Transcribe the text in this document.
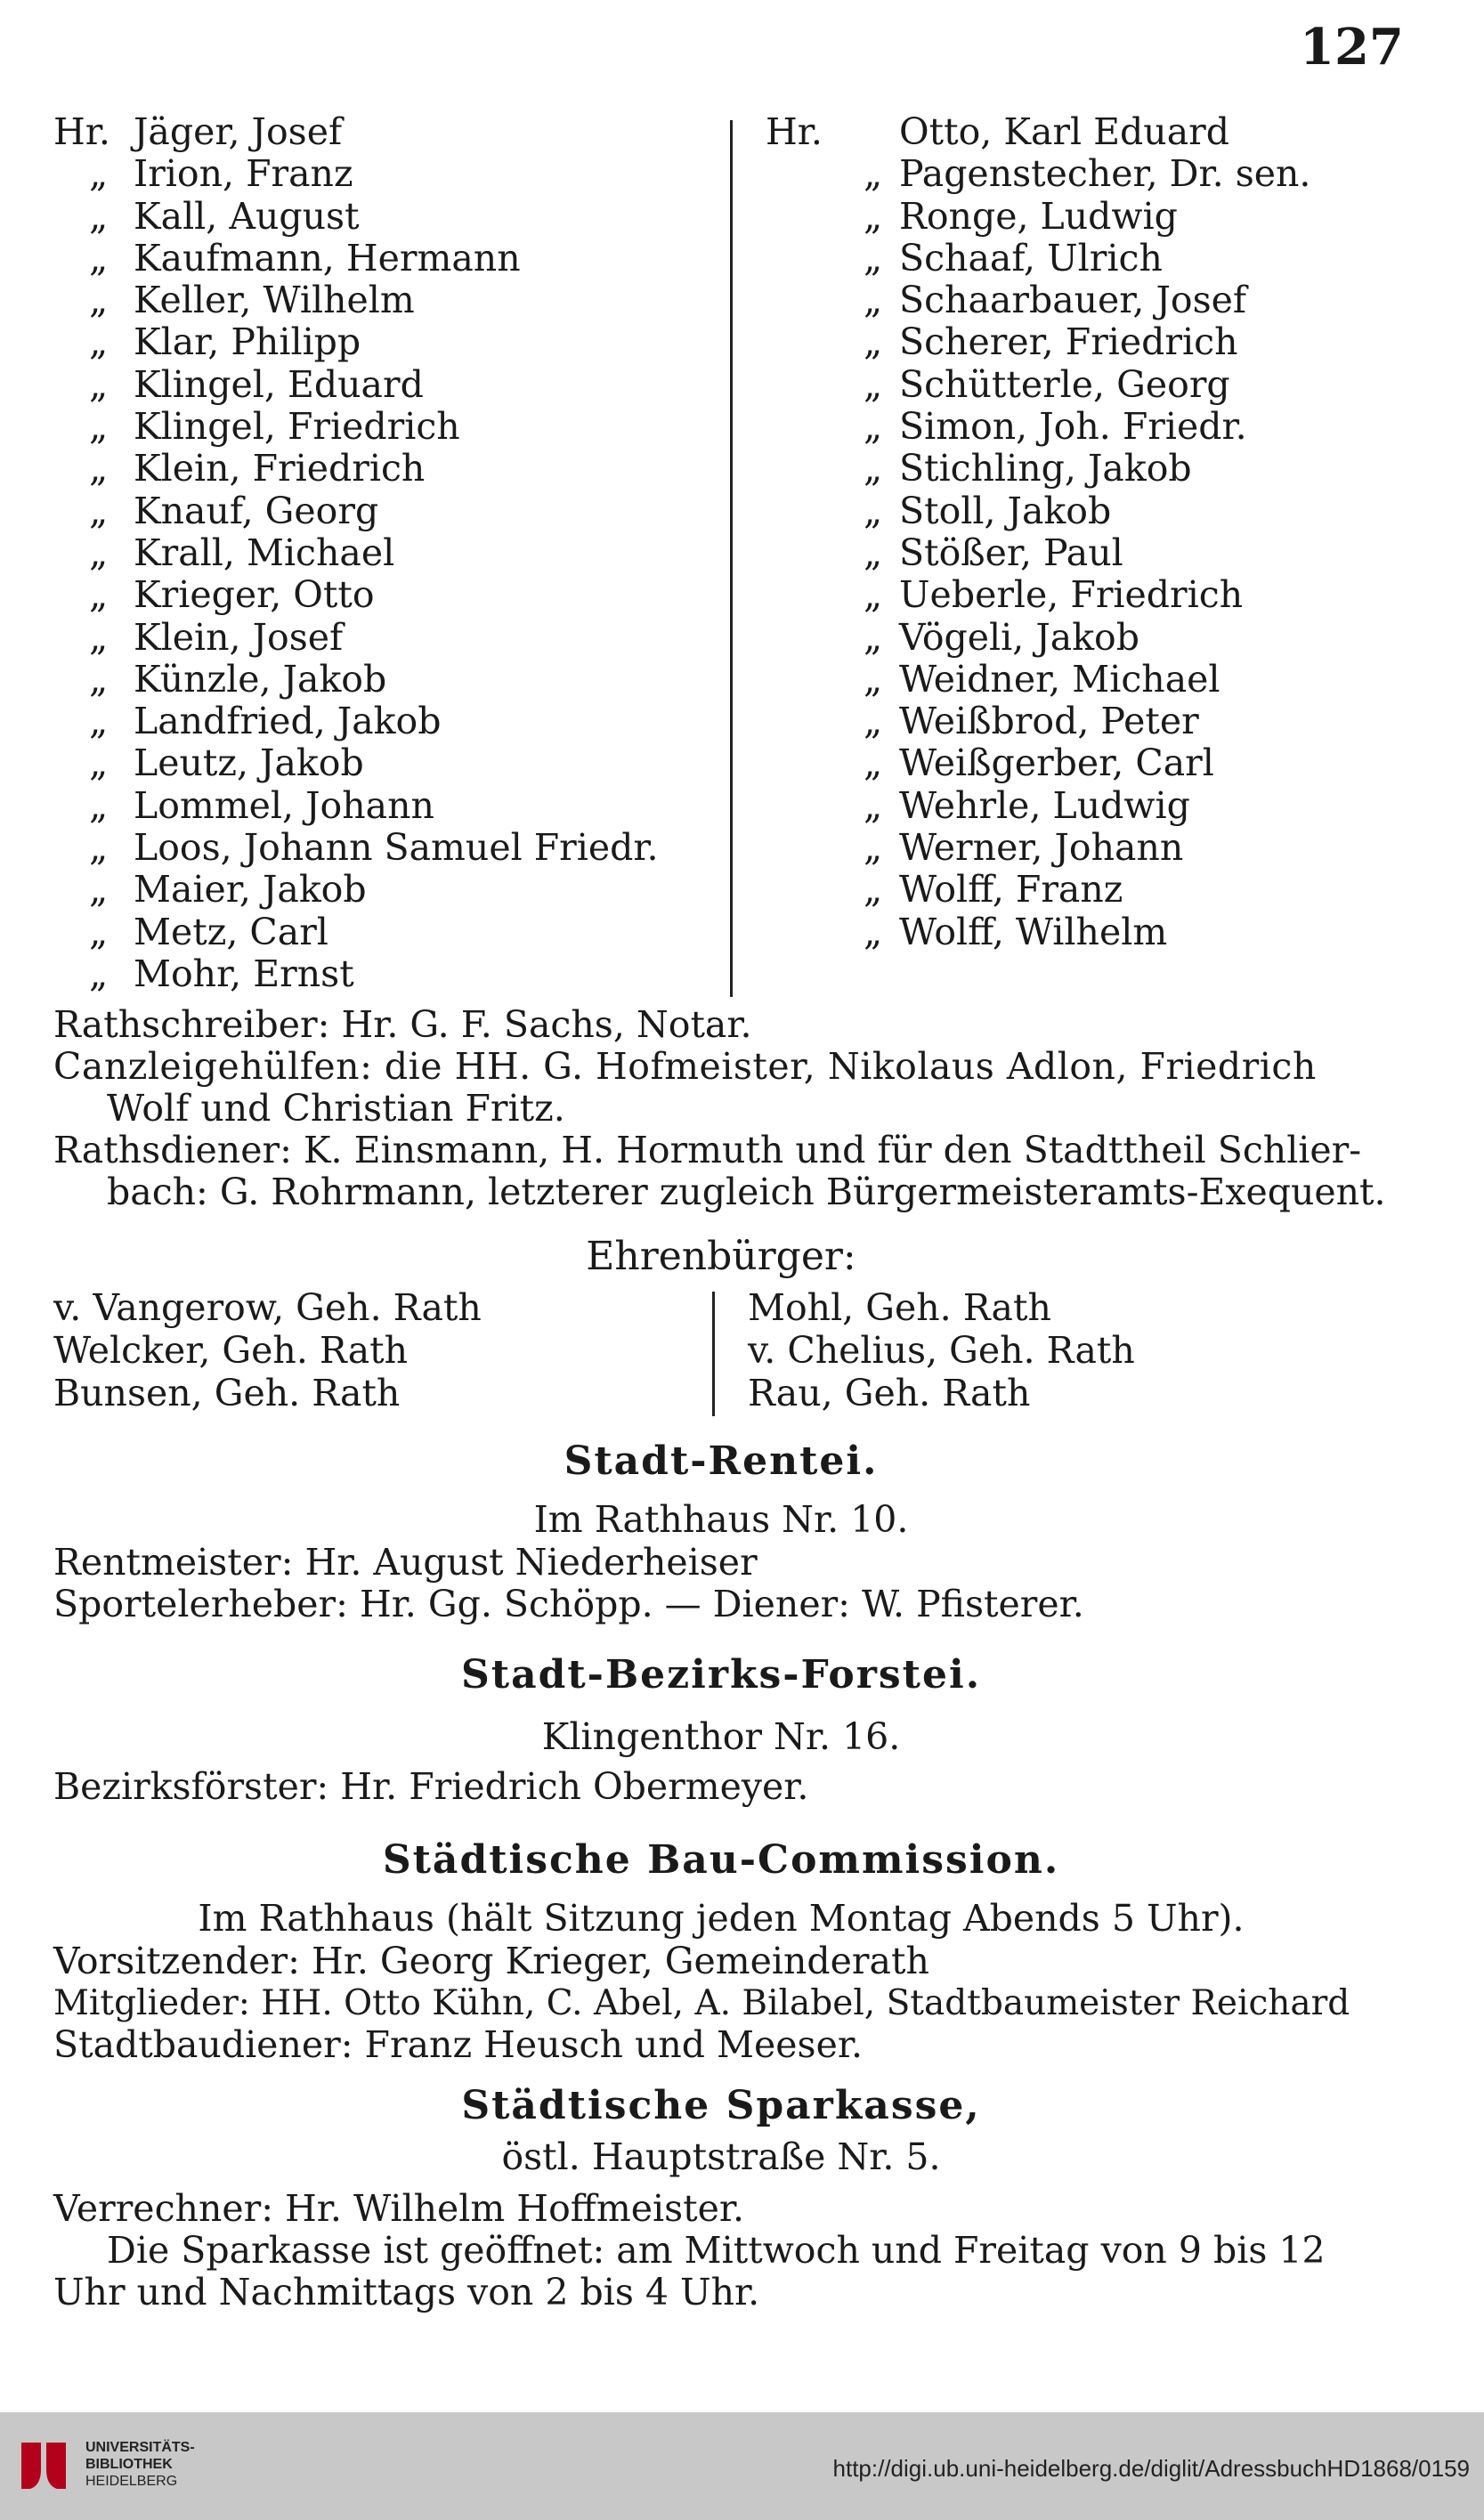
127
Hr. Jäger, Josef
„ Irion, Franz
„ Kall, August
„ Kaufmann, Hermann
„ Keller, Wilhelm
„ Klar, Philipp
„ Klingel, Eduard
„ Klingel, Friedrich
„ Klein, Friedrich
„ Knauf, Georg
„ Krall, Michael
„ Krieger, Otto
„ Klein, Josef
„ Künzle, Jakob
„ Landfried, Jakob
„ Leutz, Jakob
„ Lommel, Johann
„ Loos, Johann Samuel Friedr.
„ Maier, Jakob
„ Metz, Carl
„ Mohr, Ernst
Hr. Otto, Karl Eduard
„ Pagenstecher, Dr. sen.
„ Ronge, Ludwig
„ Schaaf, Ulrich
„ Schaarbauer, Josef
„ Scherer, Friedrich
„ Schütterle, Georg
„ Simon, Joh. Friedr.
„ Stichling, Jakob
„ Stoll, Jakob
„ Stößer, Paul
„ Ueberle, Friedrich
„ Vögeli, Jakob
„ Weidner, Michael
„ Weißbrod, Peter
„ Weißgerber, Carl
„ Wehrle, Ludwig
„ Werner, Johann
„ Wolff, Franz
„ Wolff, Wilhelm
Rathschreiber: Hr. G. F. Sachs, Notar.
Canzleigehülfen: die HH. G. Hofmeister, Nikolaus Adlon, Friedrich
Wolf und Christian Fritz.
Rathsdiener: K. Einsmann, H. Hormuth und für den Stadttheil Schlier-
bach: G. Rohrmann, letzterer zugleich Bürgermeisteramts-Exequent.
Ehrenbürger:
v. Vangerow, Geh. Rath
Welcker, Geh. Rath
Bunsen, Geh. Rath
Mohl, Geh. Rath
v. Chelius, Geh. Rath
Rau, Geh. Rath
Stadt-Rentei.
Im Rathhaus Nr. 10.
Rentmeister: Hr. August Niederheiser
Sportelerheber: Hr. Gg. Schöpp. — Diener: W. Pfisterer.
Stadt-Bezirks-Forstei.
Klingenthor Nr. 16.
Bezirksförster: Hr. Friedrich Obermeyer.
Städtische Bau-Commission.
Im Rathhaus (hält Sitzung jeden Montag Abends 5 Uhr).
Vorsitzender: Hr. Georg Krieger, Gemeinderath
Mitglieder: HH. Otto Kühn, C. Abel, A. Bilabel, Stadtbaumeister Reichard
Stadtbaudiener: Franz Heusch und Meeser.
Städtische Sparkasse,
östl. Hauptstraße Nr. 5.
Verrechner: Hr. Wilhelm Hoffmeister.
Die Sparkasse ist geöffnet: am Mittwoch und Freitag von 9 bis 12
Uhr und Nachmittags von 2 bis 4 Uhr.
UNIVERSITÄTS-
BIBLIOTHEK
HEIDELBERG	http://digi.ub.uni-heidelberg.de/diglit/AdressbuchHD1868/0159
